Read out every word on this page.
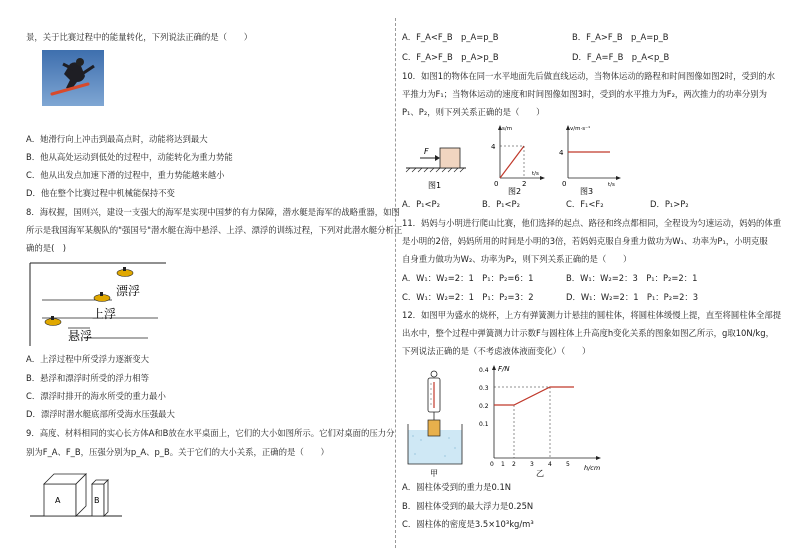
景，关于比赛过程中的能量转化，下列说法正确的是（　　）
A．她滑行向上冲击到最高点时，动能将达到最大
B．他从高处运动到低处的过程中，动能转化为重力势能
C．他从出发点加速下滑的过程中，重力势能越来越小
D．他在整个比赛过程中机械能保持不变
8．海权握，国则兴，建设一支强大的海军是实现中国梦的有力保障，潜水艇是海军的战略重器，如图
所示是我国海军某舰队的"强国号"潜水艇在海中悬浮、上浮、漂浮的训练过程，下列对此潜水艇分析正
确的是(　)
漂浮
上浮
悬浮
A．上浮过程中所受浮力逐渐变大
B．悬浮和漂浮时所受的浮力相等
C．漂浮时排开的海水所受的重力最小
D．漂浮时潜水艇底部所受海水压强最大
9．高度、材料相同的实心长方体A和B放在水平桌面上，它们的大小如图所示。它们对桌面的压力分
别为F_A、F_B，压强分别为p_A、p_B。关于它们的大小关系，正确的是（　　）
A	B
A．F_A<F_B　p_A=p_B	B．F_A>F_B　p_A=p_B
C．F_A>F_B　p_A>p_B	D．F_A=F_B　p_A<p_B
10．如图1的物体在同一水平地面先后做直线运动，当物体运动的路程和时间图像如图2时，受到的水
平推力为F₁；当物体运动的速度和时间图像如图3时，受到的水平推力为F₂，两次推力的功率分别为
P₁、P₂，则下列关系正确的是（　　）
F
图1
s/m
t/s
4
2
0
图2
v/m·s⁻¹
t/s
4
0
图3
A．P₁<P₂	B．P₁<P₂	C．F₁<F₂	D．P₁>P₂
11．妈妈与小明进行爬山比赛，他们选择的起点、路径和终点都相同，全程设为匀速运动，妈妈的体重
是小明的2倍，妈妈所用的时间是小明的3倍，若妈妈克服自身重力做功为W₁、功率为P₁，小明克服
自身重力做功为W₂、功率为P₂，则下列关系正确的是（　　）
A．W₁：W₂=2：1　P₁：P₂=6：1	B．W₁：W₂=2：3　P₁：P₂=2：1
C．W₁：W₂=2：1　P₁：P₂=3：2	D．W₁：W₂=2：1　P₁：P₂=2：3
12．如图甲为盛水的烧杯，上方有弹簧测力计悬挂的圆柱体，将圆柱体缓慢上提，直至将圆柱体全部提
出水中，整个过程中弹簧测力计示数F与圆柱体上升高度h变化关系的图象如图乙所示，g取10N/kg，
下列说法正确的是（不考虑液体液面变化）（　　）
甲
F/N
h/cm
0.4
0.3
0.2
0.1
0 1 2 3 4 5
乙
A．圆柱体受到的重力是0.1N
B．圆柱体受到的最大浮力是0.25N
C．圆柱体的密度是3.5×10³kg/m³
